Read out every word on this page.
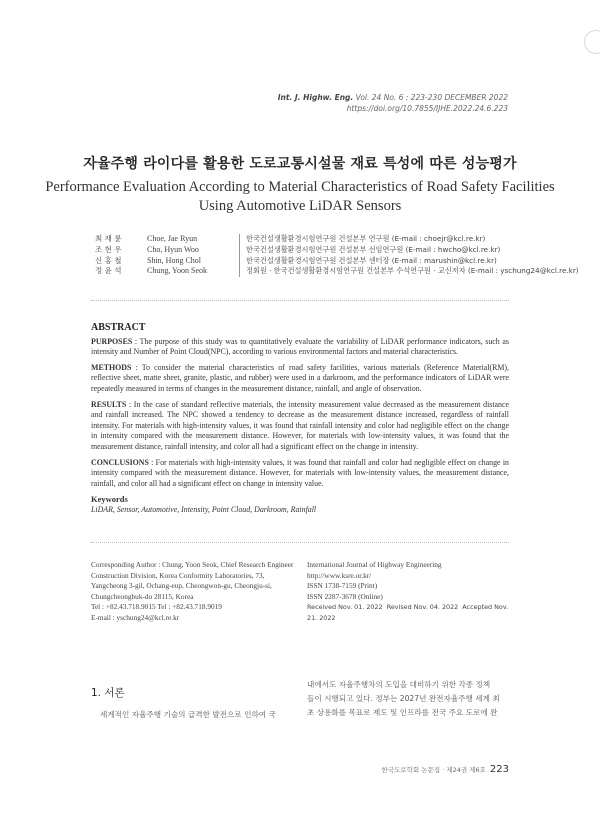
Int. J. Highw. Eng. Vol. 24 No. 6 : 223-230 DECEMBER 2022
https://doi.org/10.7855/IJHE.2022.24.6.223
자율주행 라이다를 활용한 도로교통시설물 재료 특성에 따른 성능평가
Performance Evaluation According to Material Characteristics of Road Safety Facilities Using Automotive LiDAR Sensors
최 재 륜	Choe, Jae Ryun	한국건설생활환경시험연구원 건설본부 연구원 (E-mail : choejr@kcl.re.kr)
조 현 우	Cho, Hyun Woo	한국건설생활환경시험연구원 건설본부 선임연구원 (E-mail : hwcho@kcl.re.kr)
신 홍 철	Shin, Hong Chol	한국건설생활환경시험연구원 건설본부 센터장 (E-mail : marushin@kcl.re.kr)
정 윤 석	Chung, Yoon Seok	정회원 · 한국건설생활환경시험연구원 건설본부 수석연구원 · 교신저자 (E-mail : yschung24@kcl.re.kr)
ABSTRACT

PURPOSES : The purpose of this study was to quantitatively evaluate the variability of LiDAR performance indicators, such as intensity and Number of Point Cloud(NPC), according to various environmental factors and material characteristics.

METHODS : To consider the material characteristics of road safety facilities, various materials (Reference Material(RM), reflective sheet, matte sheet, granite, plastic, and rubber) were used in a darkroom, and the performance indicators of LiDAR were repeatedly measured in terms of changes in the measurement distance, rainfall, and angle of observation.

RESULTS : In the case of standard reflective materials, the intensity measurement value decreased as the measurement distance and rainfall increased. The NPC showed a tendency to decrease as the measurement distance increased, regardless of rainfall intensity. For materials with high-intensity values, it was found that rainfall intensity and color had negligible effect on the change in intensity compared with the measurement distance. However, for materials with low-intensity values, it was found that the measurement distance, rainfall intensity, and color all had a significant effect on the change in intensity.

CONCLUSIONS : For materials with high-intensity values, it was found that rainfall and color had negligible effect on change in intensity compared with the measurement distance. However, for materials with low-intensity values, the measurement distance, rainfall, and color all had a significant effect on change in intensity value.

Keywords

LiDAR, Sensor, Automotive, Intensity, Point Cloud, Darkroom, Rainfall

Corresponding Author : Chung, Yoon Seok, Chief Research Engineer
Construction Division, Korea Conformity Laboratories, 73,
Yangcheong 3-gil, Ochang-eup, Cheongwon-gu, Cheongju-si,
Chungcheongbuk-do 28115, Korea
Tel : +82.43.718.9015 Tel : +82.43.718.9019
E-mail : yschung24@kcl.re.kr
International Journal of Highway Engineering
http://www.ksre.or.kr/
ISSN 1738-7159 (Print)
ISSN 2287-3678 (Online)
Received Nov. 01. 2022 Revised Nov. 04. 2022 Accepted Nov. 21. 2022
1. 서론
세계적인 자율주행 기술의 급격한 발전으로 인하여 국
내에서도 자율주행차의 도입을 대비하기 위한 각종 정책
들이 시행되고 있다. 정부는 2027년 완전자율주행 세계 최
초 상용화를 목표로 제도 및 인프라를 전국 주요 도로에 완
한국도로학회 논문집 · 제24권 제6호 223
